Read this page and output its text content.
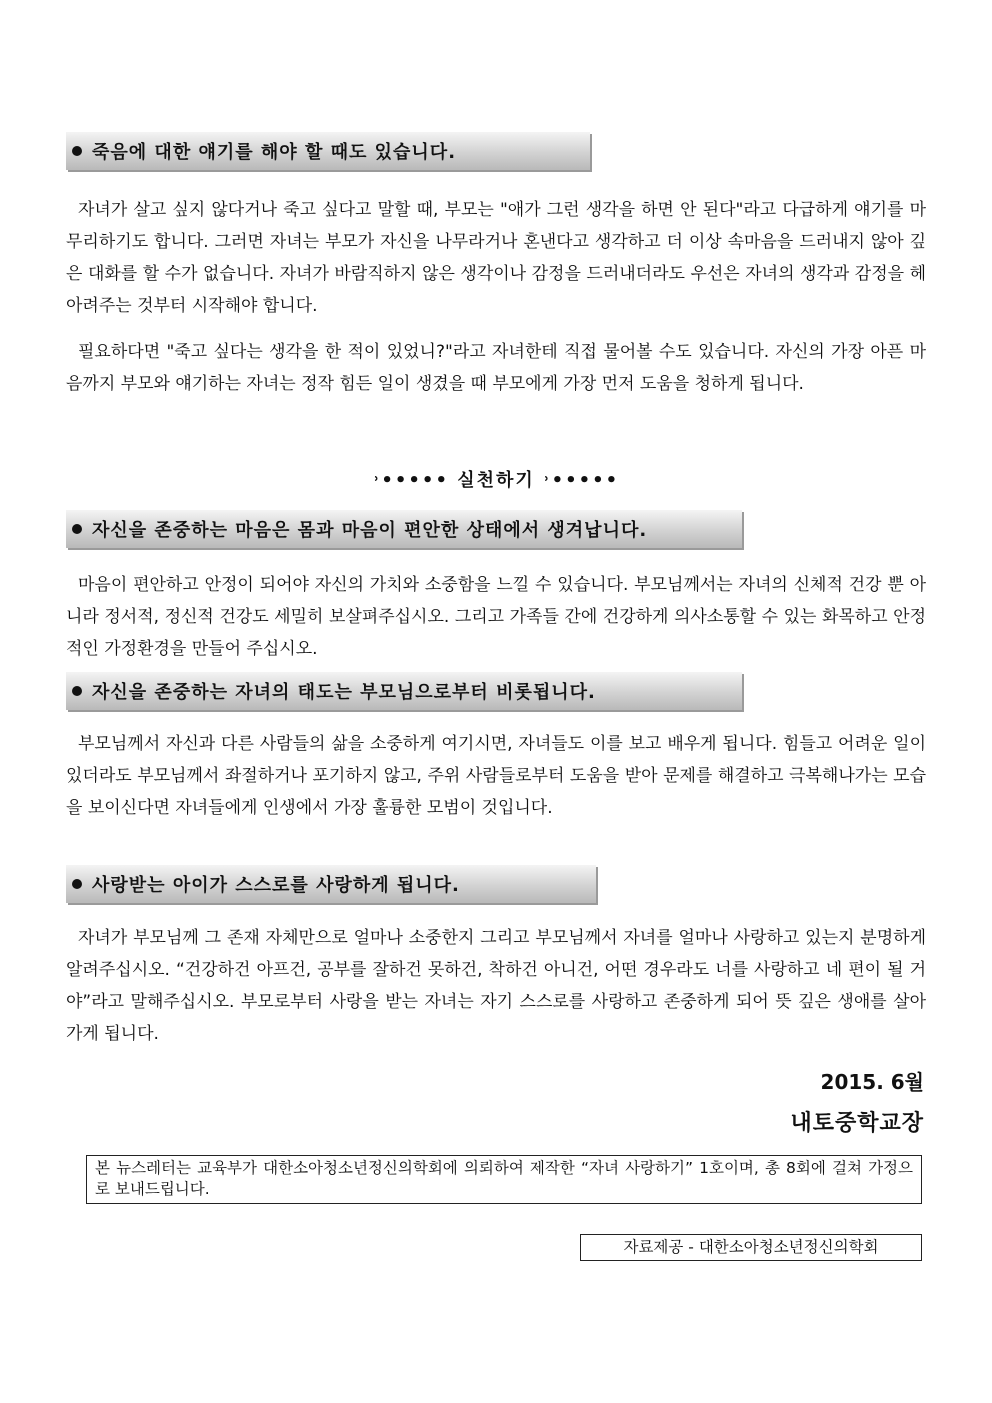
죽음에 대한 얘기를 해야 할 때도 있습니다.

자녀가 살고 싶지 않다거나 죽고 싶다고 말할 때, 부모는 "애가 그런 생각을 하면 안 된다"라고 다급하게 얘기를 마무리하기도 합니다. 그러면 자녀는 부모가 자신을 나무라거나 혼낸다고 생각하고 더 이상 속마음을 드러내지 않아 깊은 대화를 할 수가 없습니다. 자녀가 바람직하지 않은 생각이나 감정을 드러내더라도 우선은 자녀의 생각과 감정을 헤아려주는 것부터 시작해야 합니다.

필요하다면 "죽고 싶다는 생각을 한 적이 있었니?"라고 자녀한테 직접 물어볼 수도 있습니다. 자신의 가장 아픈 마음까지 부모와 얘기하는 자녀는 정작 힘든 일이 생겼을 때 부모에게 가장 먼저 도움을 청하게 됩니다.

˒••••• 실천하기 ˒•••••
자신을 존중하는 마음은 몸과 마음이 편안한 상태에서 생겨납니다.

마음이 편안하고 안정이 되어야 자신의 가치와 소중함을 느낄 수 있습니다. 부모님께서는 자녀의 신체적 건강 뿐 아니라 정서적, 정신적 건강도 세밀히 보살펴주십시오. 그리고 가족들 간에 건강하게 의사소통할 수 있는 화목하고 안정적인 가정환경을 만들어 주십시오.

자신을 존중하는 자녀의 태도는 부모님으로부터 비롯됩니다.

부모님께서 자신과 다른 사람들의 삶을 소중하게 여기시면, 자녀들도 이를 보고 배우게 됩니다. 힘들고 어려운 일이 있더라도 부모님께서 좌절하거나 포기하지 않고, 주위 사람들로부터 도움을 받아 문제를 해결하고 극복해나가는 모습을 보이신다면 자녀들에게 인생에서 가장 훌륭한 모범이 것입니다.

사랑받는 아이가 스스로를 사랑하게 됩니다.

자녀가 부모님께 그 존재 자체만으로 얼마나 소중한지 그리고 부모님께서 자녀를 얼마나 사랑하고 있는지 분명하게 알려주십시오. “건강하건 아프건, 공부를 잘하건 못하건, 착하건 아니건, 어떤 경우라도 너를 사랑하고 네 편이 될 거야”라고 말해주십시오. 부모로부터 사랑을 받는 자녀는 자기 스스로를 사랑하고 존중하게 되어 뜻 깊은 생애를 살아가게 됩니다.

2015. 6월
내토중학교장
본 뉴스레터는 교육부가 대한소아청소년정신의학회에 의뢰하여 제작한 “자녀 사랑하기” 1호이며, 총 8회에 걸쳐 가정으로 보내드립니다.
자료제공 - 대한소아청소년정신의학회
